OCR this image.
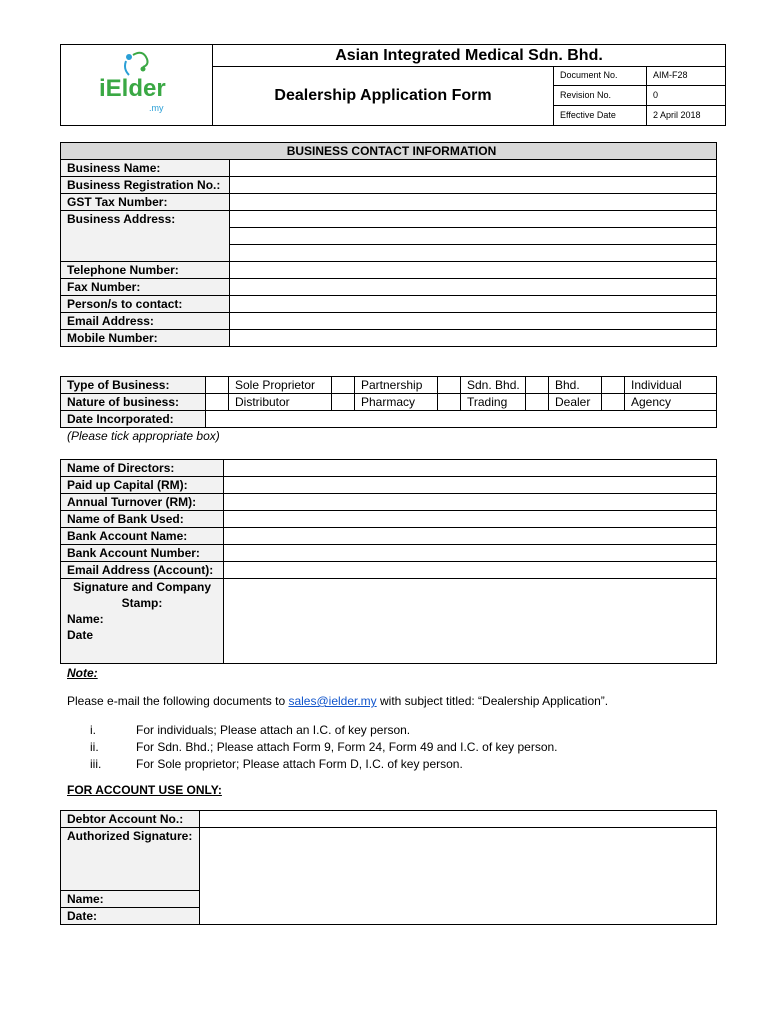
iElder
.my
Asian Integrated Medical Sdn. Bhd.
Dealership Application Form
Document No.	AIM-F28
Revision No.	0
Effective Date	2 April 2018
BUSINESS CONTACT INFORMATION	
Business Name:	
Business Registration No.:	
GST Tax Number:	
Business Address:	

Telephone Number:	
Fax Number:	
Person/s to contact:	
Email Address:	
Mobile Number:	
Type of Business:		Sole Proprietor		Partnership		Sdn. Bhd.		Bhd.		Individual
Nature of business:		Distributor		Pharmacy		Trading		Dealer		Agency
Date Incorporated:										
(Please tick appropriate box)
Name of Directors:	
Paid up Capital (RM):	
Annual Turnover (RM):	
Name of Bank Used:	
Bank Account Name:	
Bank Account Number:	
Email Address (Account):	

Signature and Company Stamp:
Name:
Date	

Note:
Please e-mail the following documents to sales@ielder.my with subject titled: “Dealership Application”.
i.	For individuals; Please attach an I.C. of key person.
ii.	For Sdn. Bhd.; Please attach Form 9, Form 24, Form 49 and I.C. of key person.
iii.	For Sole proprietor; Please attach Form D, I.C. of key person.
FOR ACCOUNT USE ONLY:
Debtor Account No.:	
Authorized Signature:	
Name:	
Date:	
